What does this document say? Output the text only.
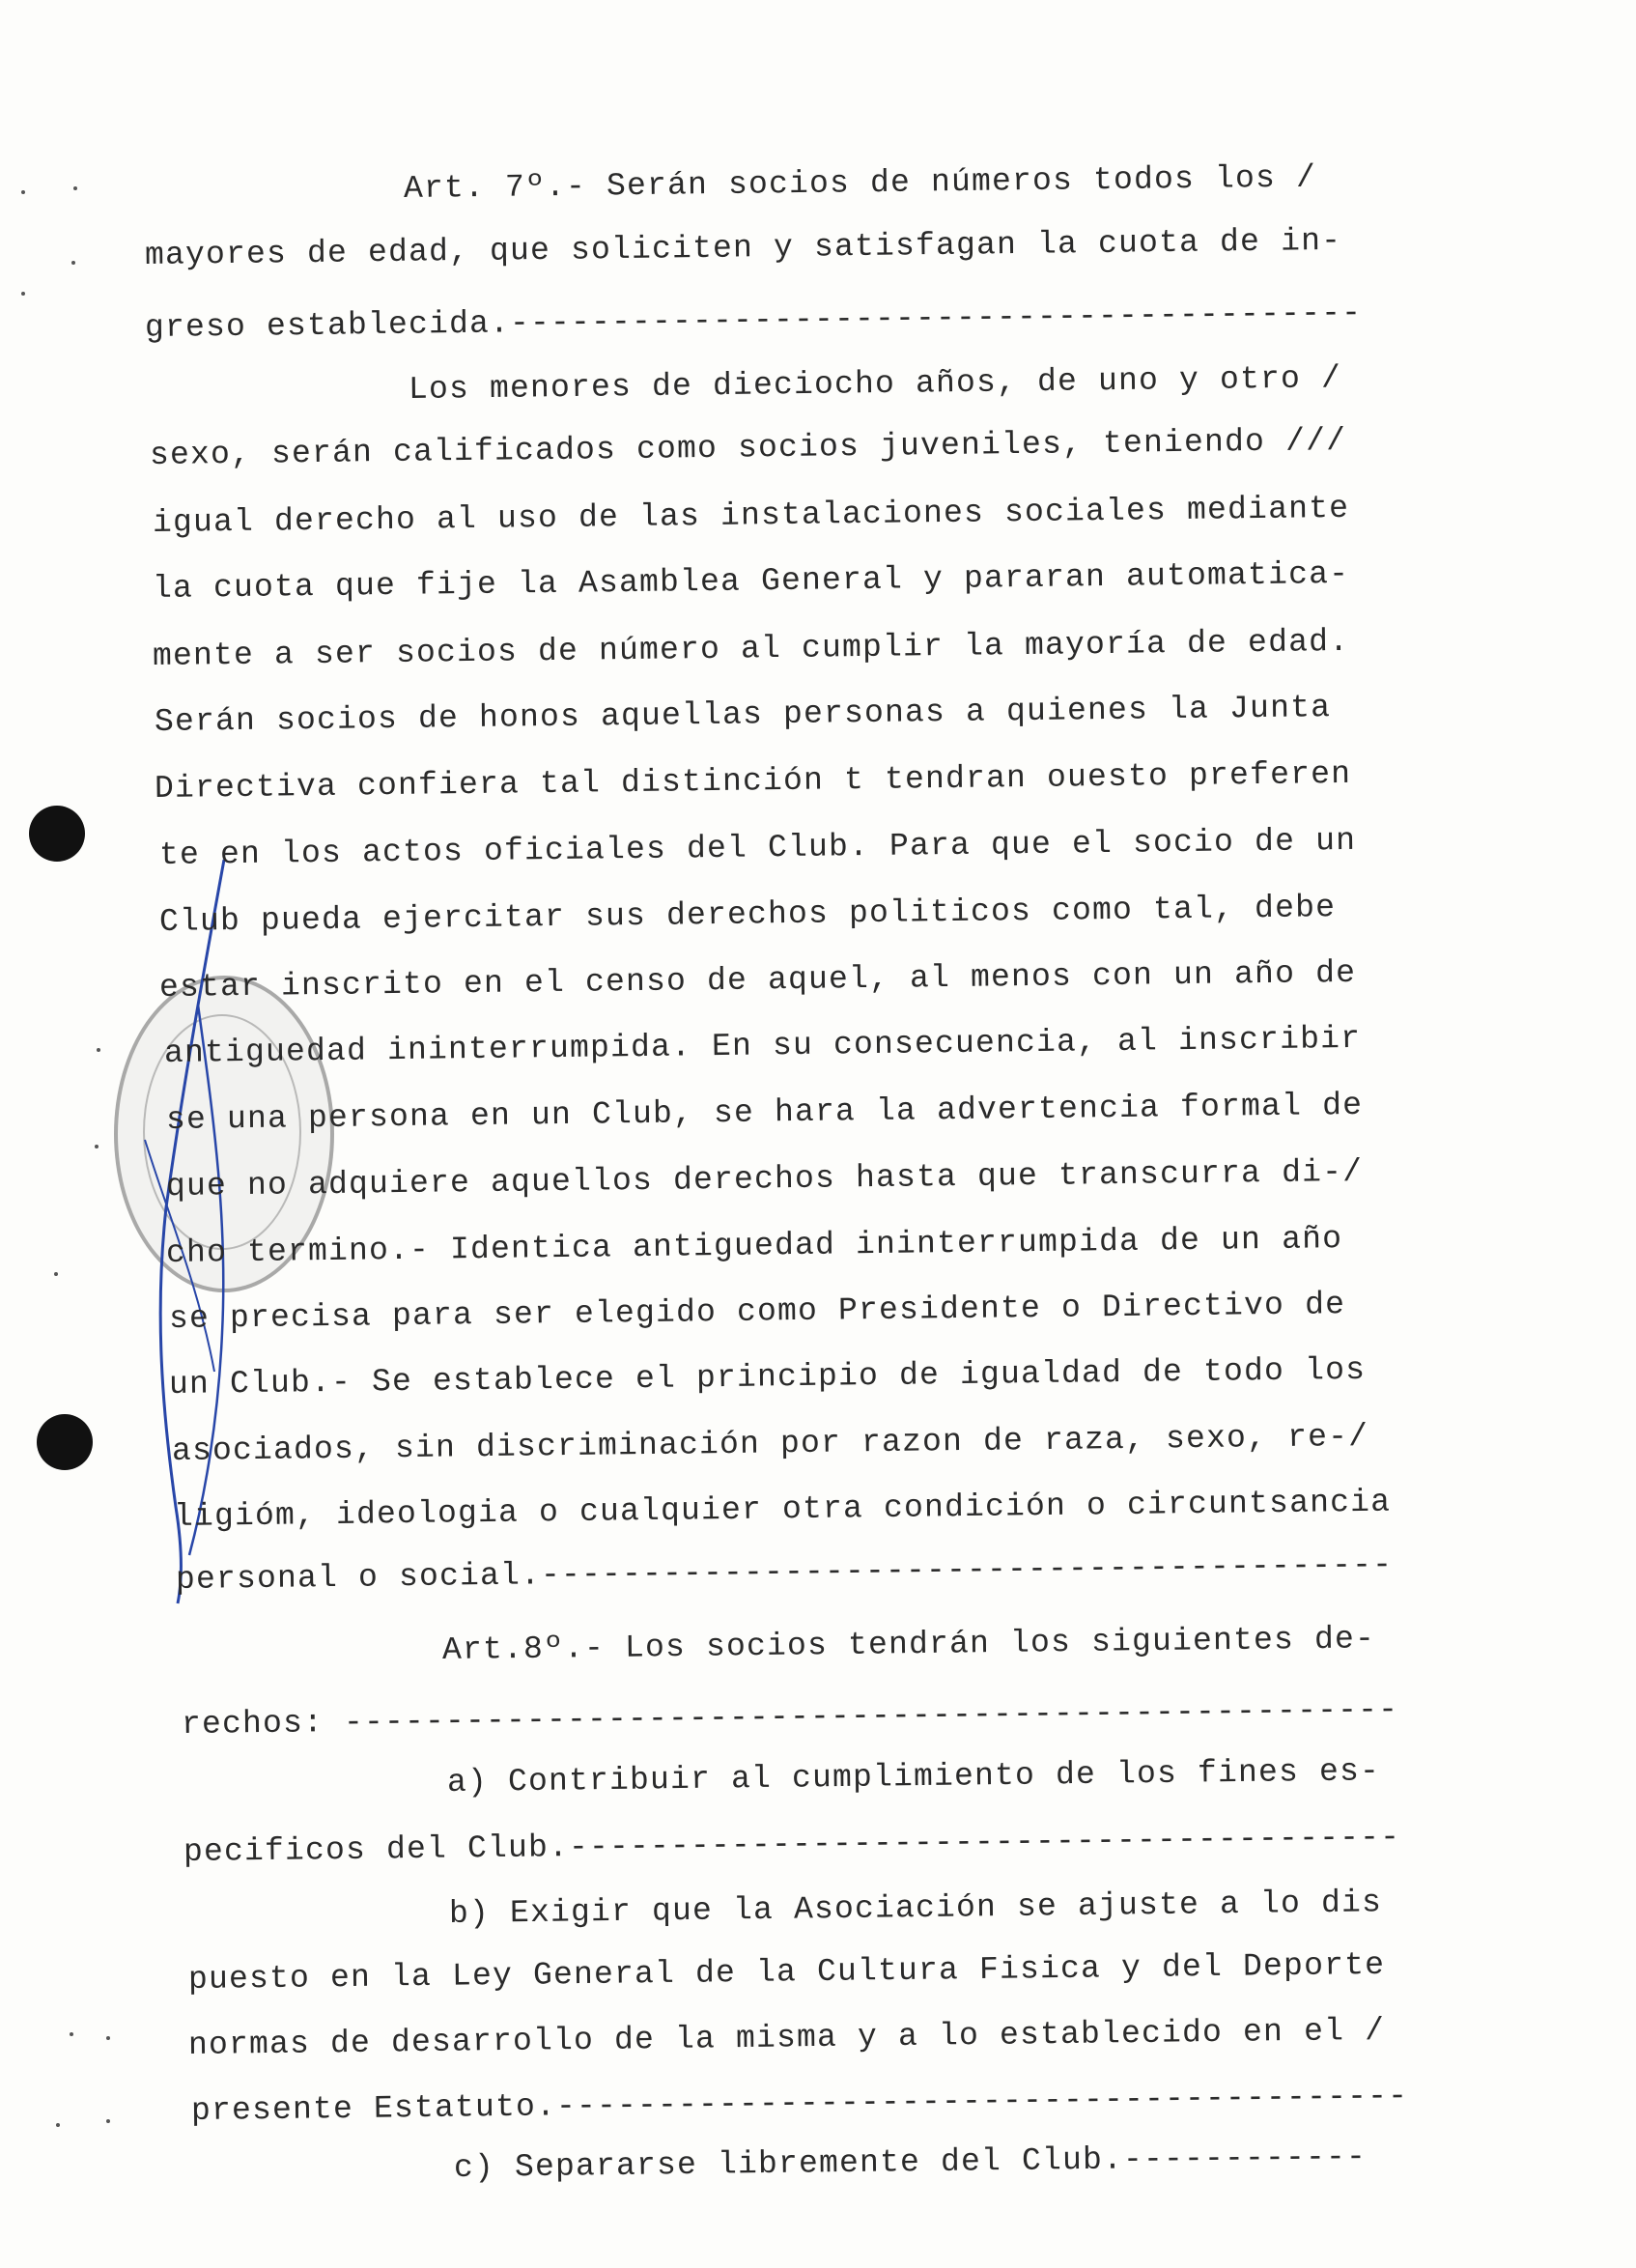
Art. 7º.- Serán socios de números todos los /
mayores de edad, que soliciten y satisfagan la cuota de in-
greso establecida.------------------------------------------
Los menores de dieciocho años, de uno y otro /
sexo, serán calificados como socios juveniles, teniendo ///
igual derecho al uso de las instalaciones sociales mediante
la cuota que fije la Asamblea General y pararan automatica-
mente a ser socios de número al cumplir la mayoría de edad.
Serán socios de honos aquellas personas a quienes la Junta
Directiva confiera tal distinción t tendran ouesto preferen
te en los actos oficiales del Club. Para que el socio de un
Club pueda ejercitar sus derechos politicos como tal, debe
estar inscrito en el censo de aquel, al menos con un año de
antiguedad ininterrumpida. En su consecuencia, al inscribir
se una persona en un Club, se hara la advertencia formal de
que no adquiere aquellos derechos hasta que transcurra di-/
cho termino.- Identica antiguedad ininterrumpida de un año
se precisa para ser elegido como Presidente o Directivo de
un Club.- Se establece el principio de igualdad de todo los
asociados, sin discriminación por razon de raza, sexo, re-/
ligióm, ideologia o cualquier otra condición o circuntsancia
personal o social.------------------------------------------
Art.8º.- Los socios tendrán los siguientes de-
rechos: ----------------------------------------------------
a) Contribuir al cumplimiento de los fines es-
pecificos del Club.-----------------------------------------
b) Exigir que la Asociación se ajuste a lo dis
puesto en la Ley General de la Cultura Fisica y del Deporte
normas de desarrollo de la misma y a lo establecido en el /
presente Estatuto.------------------------------------------
c) Separarse libremente del Club.------------
